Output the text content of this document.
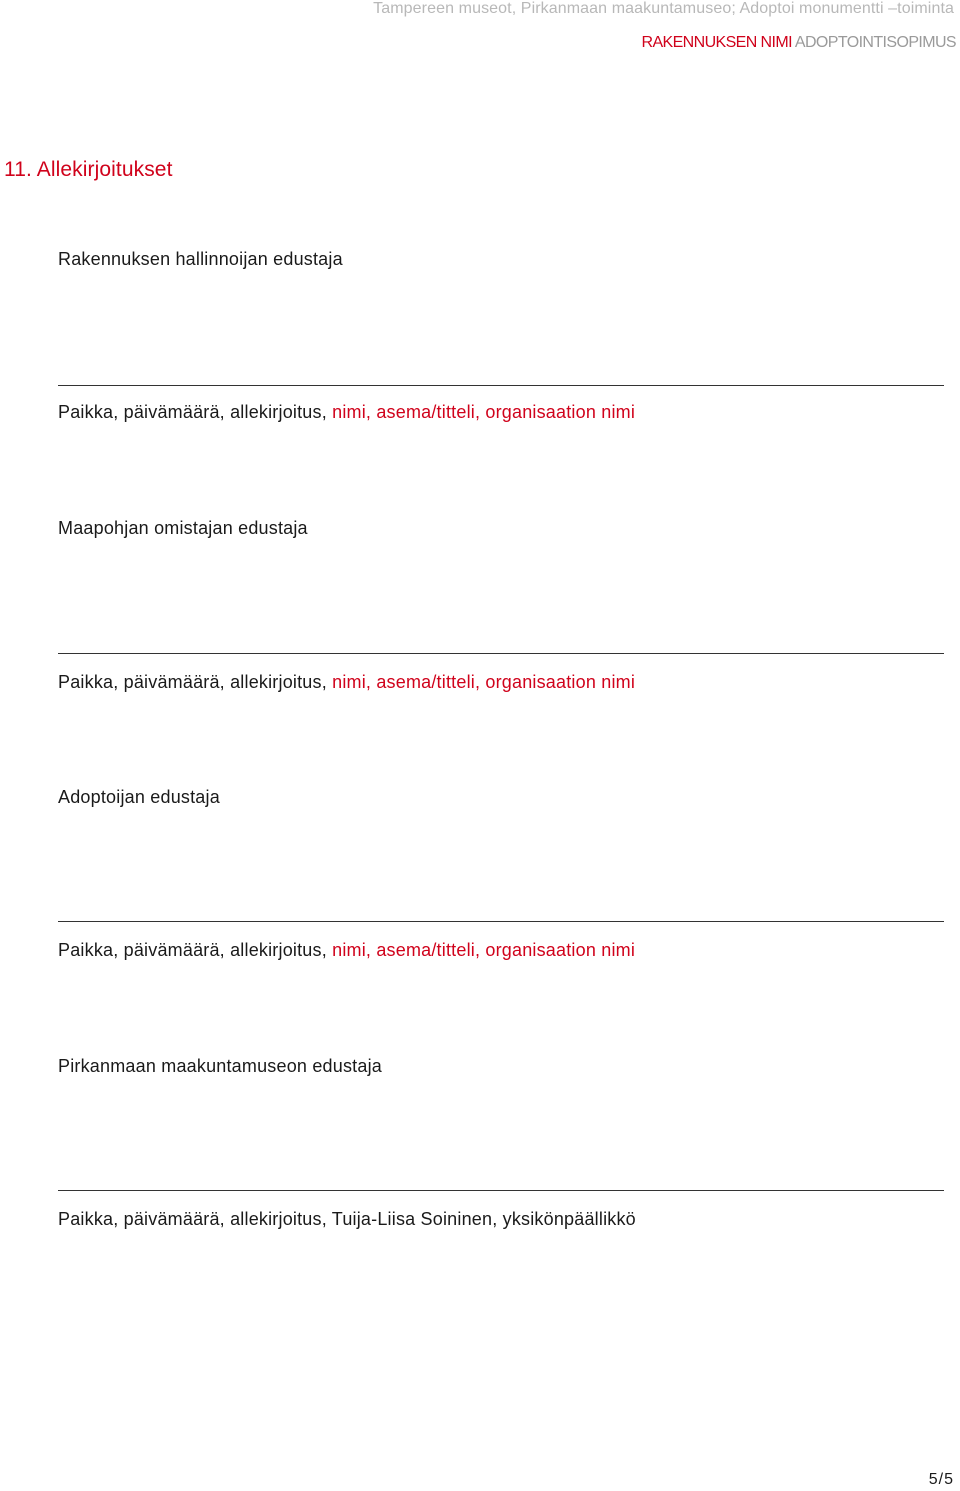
Tampereen museot, Pirkanmaan maakuntamuseo; Adoptoi monumentti –toiminta
RAKENNUKSEN NIMI ADOPTOINTISOPIMUS
11. Allekirjoitukset
Rakennuksen hallinnoijan edustaja
Paikka, päivämäärä, allekirjoitus, nimi, asema/titteli, organisaation nimi
Maapohjan omistajan edustaja
Paikka, päivämäärä, allekirjoitus, nimi, asema/titteli, organisaation nimi
Adoptoijan edustaja
Paikka, päivämäärä, allekirjoitus, nimi, asema/titteli, organisaation nimi
Pirkanmaan maakuntamuseon edustaja
Paikka, päivämäärä, allekirjoitus, Tuija-Liisa Soininen, yksikönpäällikkö
5/5
